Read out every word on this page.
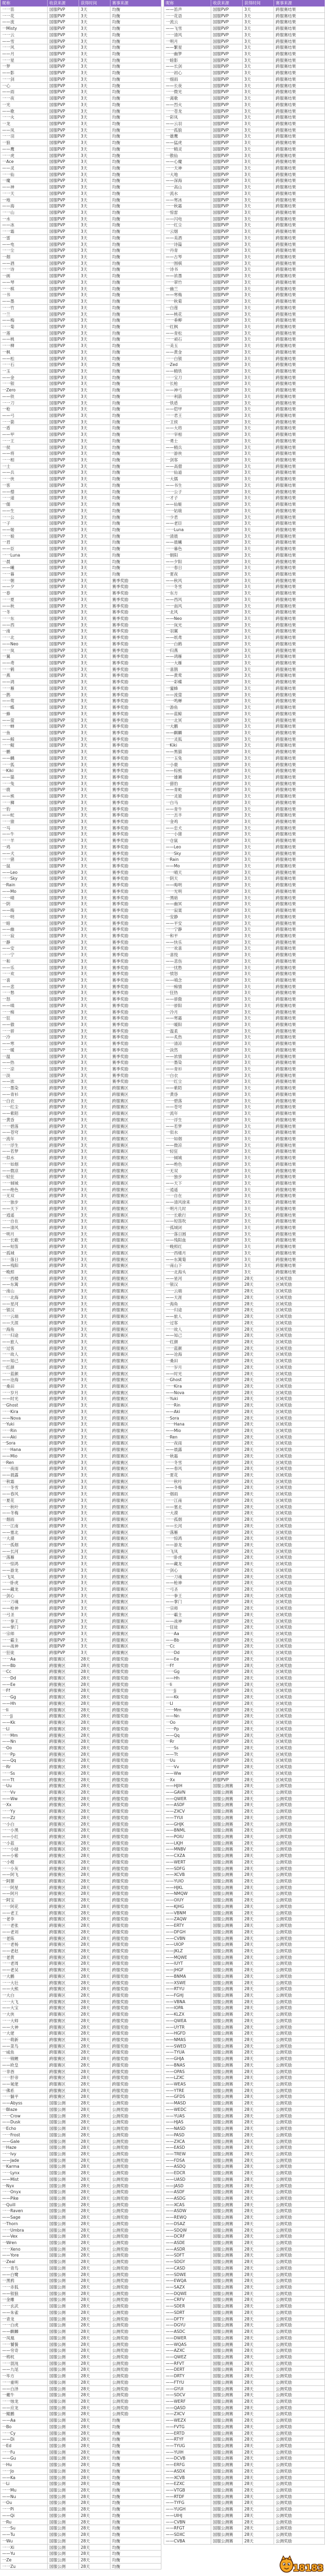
昵称	收获来源	获得时间	赛事来源
一一笛	国服PVP	3天	均衡
一一花	国服PVP	3天	均衡
——流	国服PVP	3天	均衡
一Misty	国服PVP	3天	均衡
一一云	国服PVP	3天	均衡
——雪	国服PVP	3天	均衡
一一风	国服PVP	3天	均衡
——月	国服PVP	3天	均衡
一一星	国服PVP	3天	均衡
一梦	国服PVP	3天	均衡
——影	国服PVP	3天	均衡
一一剑	国服PVP	3天	均衡
一心	国服PVP	3天	均衡
——雨	国服PVP	3天	均衡
一一夜	国服PVP	3天	均衡
一光	国服PVP	3天	均衡
——歌	国服PVP	3天	均衡
一一火	国服PVP	3天	均衡
一龙	国服PVP	3天	均衡
——凤	国服PVP	3天	均衡
一一羽	国服PVP	3天	均衡
一狼	国服PVP	3天	均衡
——鹰	国服PVP	3天	均衡
一一虎	国服PVP	3天	均衡
一Ace	国服PVP	3天	均衡
——灵	国服PVP	3天	均衡
一一仙	国服PVP	3天	均衡
一魔	国服PVP	3天	均衡
——神	国服PVP	3天	均衡
一一天	国服PVP	3天	均衡
一地	国服PVP	3天	均衡
——海	国服PVP	3天	均衡
一一山	国服PVP	3天	均衡
一水	国服PVP	3天	均衡
——冰	国服PVP	3天	均衡
一一霜	国服PVP	3天	均衡
一雷	国服PVP	3天	均衡
——电	国服PVP	3天	均衡
一一尘	国服PVP	3天	均衡
一烟	国服PVP	3天	均衡
——酒	国服PVP	3天	均衡
一一诗	国服PVP	3天	均衡
一画	国服PVP	3天	均衡
——琴	国服PVP	3天	均衡
一一棋	国服PVP	3天	均衡
一书	国服PVP	3天	均衡
——墨	国服PVP	3天	均衡
一一竹	国服PVP	3天	均衡
一兰	国服PVP	3天	均衡
——梅	国服PVP	3天	均衡
一一菊	国服PVP	3天	均衡
一莲	国服PVP	3天	均衡
——桃	国服PVP	3天	均衡
一一柳	国服PVP	3天	均衡
一枫	国服PVP	3天	均衡
——松	国服PVP	3天	均衡
一一石	国服PVP	3天	均衡
一玉	国服PVP	3天	均衡
——金	国服PVP	3天	均衡
一一银	国服PVP	3天	均衡
一Zero	国服PVP	3天	均衡
——铁	国服PVP	3天	均衡
一一刀	国服PVP	3天	均衡
一枪	国服PVP	3天	均衡
——弓	国服PVP	3天	均衡
一一箭	国服PVP	3天	均衡
一盾	国服PVP	3天	均衡
——甲	国服PVP	3天	均衡
一一王	国服PVP	3天	均衡
一侯	国服PVP	3天	均衡
——将	国服PVP	3天	均衡
一一相	国服PVP	3天	均衡
一士	国服PVP	3天	均衡
——兵	国服PVP	3天	均衡
一一侠	国服PVP	3天	均衡
一客	国服PVP	3天	均衡
——僧	国服PVP	3天	均衡
一一道	国服PVP	3天	均衡
一儒	国服PVP	3天	均衡
——生	国服PVP	3天	均衡
一一公	国服PVP	3天	均衡
一子	国服PVP	3天	均衡
——姬	国服PVP	3天	均衡
一一娘	国服PVP	3天	均衡
一君	国服PVP	3天	均衡
——臣	国服PVP	3天	均衡
一一Luna	国服PVP	3天	均衡
一晨	国服PVP	3天	均衡
——曦	国服PVP	3天	均衡
一一暮	国服PVP	3天	均衡
一一朝	国服PVP	3天	赛季奖励
——夕	国服PVP	3天	赛季奖励
一春	国服PVP	3天	赛季奖励
一一夏	国服PVP	3天	赛季奖励
——秋	国服PVP	3天	赛季奖励
一冬	国服PVP	3天	赛季奖励
一一东	国服PVP	3天	赛季奖励
——西	国服PVP	3天	赛季奖励
一南	国服PVP	3天	赛季奖励
一一北	国服PVP	3天	赛季奖励
——Neo	国服PVP	3天	赛季奖励
一一岚	国服PVP	3天	赛季奖励
一翼	国服PVP	3天	赛季奖励
——鸢	国服PVP	3天	赛季奖励
一一鹤	国服PVP	3天	赛季奖励
一燕	国服PVP	3天	赛季奖励
——鸿	国服PVP	3天	赛季奖励
一一雁	国服PVP	3天	赛季奖励
一鹊	国服PVP	3天	赛季奖励
——莺	国服PVP	3天	赛季奖励
一一蝶	国服PVP	3天	赛季奖励
一蜂	国服PVP	3天	赛季奖励
——萤	国服PVP	3天	赛季奖励
一一蝉	国服PVP	3天	赛季奖励
一鱼	国服PVP	3天	赛季奖励
——鲸	国服PVP	3天	赛季奖励
一一鲲	国服PVP	3天	赛季奖励
一鹏	国服PVP	3天	赛季奖励
——麟	国服PVP	3天	赛季奖励
一一狐	国服PVP	3天	赛季奖励
一Kiki	国服PVP	3天	赛季奖励
——猫	国服PVP	3天	赛季奖励
一一兔	国服PVP	3天	赛季奖励
一鹿	国服PVP	3天	赛季奖励
——熊	国服PVP	3天	赛季奖励
一一狮	国服PVP	3天	赛季奖励
一豹	国服PVP	3天	赛季奖励
——蛇	国服PVP	3天	赛季奖励
一一猿	国服PVP	3天	赛季奖励
一马	国服PVP	3天	赛季奖励
——牛	国服PVP	3天	赛季奖励
一一羊	国服PVP	3天	赛季奖励
一鸡	国服PVP	3天	赛季奖励
——犬	国服PVP	3天	赛季奖励
一一猪	国服PVP	3天	赛季奖励
一鼠	国服PVP	3天	赛季奖励
——Leo	国服PVP	3天	赛季奖励
一一Sky	国服PVP	3天	赛季奖励
一Rain	国服PVP	3天	赛季奖励
——Mo	国服PVP	3天	赛季奖励
一一晴	国服PVP	3天	赛季奖励
一阴	国服PVP	3天	赛季奖励
——晦	国服PVP	3天	赛季奖励
一一明	国服PVP	3天	赛季奖励
一暗	国服PVP	3天	赛季奖励
——幽	国服PVP	3天	赛季奖励
一一寂	国服PVP	3天	赛季奖励
一静	国服PVP	3天	赛季奖励
——安	国服PVP	3天	赛季奖励
一一宁	国服PVP	3天	赛季奖励
一和	国服PVP	3天	赛季奖励
——乐	国服PVP	3天	赛季奖励
一一欢	国服PVP	3天	赛季奖励
一喜	国服PVP	3天	赛季奖励
——悲	国服PVP	3天	赛季奖励
一一愁	国服PVP	3天	赛季奖励
一怒	国服PVP	3天	赛季奖励
——嗔	国服PVP	3天	赛季奖励
一一痴	国服PVP	3天	赛季奖励
一狂	国服PVP	3天	赛季奖励
——傲	国服PVP	3天	赛季奖励
一一骄	国服PVP	3天	赛季奖励
一冷	国服PVP	3天	赛季奖励
——寒	国服PVP	3天	赛季奖励
一一暖	国服PVP	3天	赛季奖励
一温	国服PVP	3天	赛季奖励
——热	国服PVP	3天	赛季奖励
一一凉	国服PVP	3天	赛季奖励
一淡	国服PVP	3天	赛季奖励
——浓	国服PVP	3天	赛季奖励
一一墨染	跨服PVP	3天	跨服赛区
——青衫	跨服PVP	3天	跨服赛区
一白衣	跨服PVP	3天	跨服赛区
一一红尘	跨服PVP	3天	跨服赛区
——紫陌	跨服PVP	3天	跨服赛区
一黄昏	跨服PVP	3天	跨服赛区
一一碧落	跨服PVP	3天	跨服赛区
——苍穹	跨服PVP	3天	跨服赛区
一流年	跨服PVP	3天	跨服赛区
一一浮生	跨服PVP	3天	跨服赛区
——若梦	跨服PVP	3天	跨服赛区
一似水	跨服PVP	3天	跨服赛区
一一如烟	跨服PVP	3天	跨服赛区
——微凉	跨服PVP	3天	跨服赛区
一轻狂	跨服PVP	3天	跨服赛区
一一倾城	跨服PVP	3天	跨服赛区
——绝色	跨服PVP	3天	跨服赛区
一无双	跨服PVP	3天	跨服赛区
一一独步	跨服PVP	3天	跨服赛区
——天下	跨服PVP	3天	跨服赛区
一逍遥	跨服PVP	3天	跨服赛区
一一自在	跨服PVP	3天	跨服赛区
——清风	跨服PVP	3天	跨服赛区
一明月	跨服PVP	3天	跨服赛区
一一长歌	跨服PVP	3天	跨服赛区
——短笛	跨服PVP	3天	跨服赛区
一孤城	跨服PVP	3天	跨服赛区
一一落日	跨服PVP	3天	跨服赛区
——残阳	跨服PVP	3天	跨服赛区
一晚照	跨服PVP	3天	跨服赛区
一一西楼	跨服PVP	3天	跨服赛区
——东篱	跨服PVP	3天	跨服赛区
一南山	跨服PVP	3天	跨服赛区
一一北海	跨服PVP	3天	跨服赛区
——星河	跨服PVP	3天	跨服赛区
一银汉	跨服PVP	3天	跨服赛区
一一云端	跨服PVP	3天	跨服赛区
——天涯	跨服PVP	3天	跨服赛区
一海角	跨服PVP	3天	跨服赛区
一一归途	跨服PVP	3天	跨服赛区
——旅人	跨服PVP	3天	跨服赛区
一过客	跨服PVP	3天	跨服赛区
一一故人	跨服PVP	3天	跨服赛区
——知己	跨服PVP	3天	跨服赛区
一红颜	跨服PVP	3天	跨服赛区
一一蓝颜	跨服PVP	3天	跨服赛区
——沧海	跨服PVP	3天	跨服赛区
一桑田	跨服PVP	3天	跨服赛区
一一岁月	跨服PVP	3天	跨服赛区
——时光	跨服PVP	3天	跨服赛区
一Ghost	跨服PVP	3天	跨服赛区
一一Kira	跨服PVP	3天	跨服赛区
——Nova	跨服PVP	3天	跨服赛区
一Yuki	跨服PVP	3天	跨服赛区
一一Rin	跨服PVP	3天	跨服赛区
——Aki	跨服PVP	3天	跨服赛区
一Sora	跨服PVP	3天	跨服赛区
一一Hana	跨服PVP	3天	跨服赛区
——Mio	跨服PVP	3天	跨服赛区
一Ren	跨服PVP	3天	跨服赛区
一一夜雨	跨服PVP	3天	跨服赛区
——晨露	跨服PVP	3天	跨服赛区
一秋霜	跨服PVP	3天	跨服赛区
一一冬雪	跨服PVP	3天	跨服赛区
——春风	跨服PVP	3天	跨服赛区
一夏花	跨服PVP	3天	跨服赛区
一一秋叶	跨服PVP	3天	跨服赛区
——冬梅	跨服PVP	3天	跨服赛区
一烟雨	跨服PVP	3天	跨服赛区
一一江南	跨服PVP	3天	跨服赛区
——塞北	跨服PVP	3天	跨服赛区
一大漠	跨服PVP	3天	跨服赛区
一一孤烟	跨服PVP	3天	跨服赛区
——长河	跨服PVP	3天	跨服赛区
一落雁	跨服PVP	3天	跨服赛区
一一惊鸿	跨服PVP	3天	跨服赛区
——游龙	跨服PVP	3天	跨服赛区
一飞凤	跨服PVP	3天	跨服赛区
一一卧虎	跨服PVP	3天	跨服赛区
——藏龙	跨服PVP	3天	跨服赛区
一剑心	跨服PVP	3天	跨服赛区
一一刀魂	跨服PVP	3天	跨服赛区
——枪神	跨服PVP	3天	跨服赛区
一弓圣	跨服PVP	3天	跨服赛区
一一拳王	跨服PVP	3天	跨服赛区
——掌门	跨服PVP	3天	跨服赛区
一宗师	跨服PVP	3天	跨服赛区
一一霸主	跨服PVP	3天	跨服赛区
——战神	跨服PVP	3天	跨服赛区
一狂徒	跨服PVP	3天	跨服赛区
一一Aa	跨服赛区	28天	跨服奖励
——Bb	跨服赛区	28天	跨服奖励
一Cc	跨服赛区	28天	跨服奖励
一一Dd	跨服赛区	28天	跨服奖励
——Ee	跨服赛区	28天	跨服奖励
一Ff	跨服赛区	28天	跨服奖励
一一Gg	跨服赛区	28天	跨服奖励
——Hh	跨服赛区	28天	跨服奖励
一Ii	跨服赛区	28天	跨服奖励
一一Jj	跨服赛区	28天	跨服奖励
——Kk	跨服赛区	28天	跨服奖励
一Ll	跨服赛区	28天	跨服奖励
一一Mm	跨服赛区	28天	跨服奖励
——Nn	跨服赛区	28天	跨服奖励
一Oo	跨服赛区	28天	跨服奖励
一一Pp	跨服赛区	28天	跨服奖励
——Qq	跨服赛区	28天	跨服奖励
一Rr	跨服赛区	28天	跨服奖励
一一Ss	跨服赛区	28天	跨服奖励
——Tt	跨服赛区	28天	跨服奖励
一Uu	跨服赛区	28天	跨服奖励
一一Vv	跨服赛区	28天	跨服奖励
——Ww	跨服赛区	28天	跨服奖励
一Xx	跨服赛区	28天	跨服奖励
一一Yy	跨服赛区	28天	跨服奖励
——Zz	跨服赛区	28天	跨服奖励
一小白	跨服赛区	28天	跨服奖励
一一小黑	跨服赛区	28天	跨服奖励
——小红	跨服赛区	28天	跨服奖励
一小蓝	跨服赛区	28天	跨服奖励
一一小绿	跨服赛区	28天	跨服奖励
——小紫	跨服赛区	28天	跨服奖励
一小橙	跨服赛区	28天	跨服奖励
一一小灰	跨服赛区	28天	跨服奖励
——阿飞	跨服赛区	28天	跨服奖励
一阿狸	跨服赛区	28天	跨服奖励
一一阿星	跨服赛区	28天	跨服奖励
——阿月	跨服赛区	28天	跨服奖励
一阿宝	跨服赛区	28天	跨服奖励
一一阿花	跨服赛区	28天	跨服奖励
——老王	跨服赛区	28天	跨服奖励
一老李	跨服赛区	28天	跨服奖励
一一老张	跨服赛区	28天	跨服奖励
——老刘	跨服赛区	28天	跨服奖励
一老陈	跨服赛区	28天	跨服奖励
一一老杨	跨服赛区	28天	跨服奖励
——老赵	跨服赛区	28天	跨服奖励
一老黄	跨服赛区	28天	跨服奖励
一一老周	跨服赛区	28天	跨服奖励
——老吴	跨服赛区	28天	跨服奖励
一大鹏	跨服赛区	28天	跨服奖励
一一大壮	跨服赛区	28天	跨服奖励
——大熊	跨服赛区	28天	跨服奖励
一大白	跨服赛区	28天	跨服奖励
一一大飞	跨服赛区	28天	跨服奖励
——大宝	跨服赛区	28天	跨服奖励
一大侠	跨服赛区	28天	跨服奖励
一一大师	跨服赛区	28天	跨服奖励
——大神	跨服赛区	28天	跨服奖励
一大佬	跨服赛区	28天	跨服奖励
一一萌新	跨服赛区	28天	跨服奖励
——菜鸟	跨服赛区	28天	跨服奖励
一咸鱼	跨服赛区	28天	跨服奖励
一一锦鲤	跨服赛区	28天	跨服奖励
——欧皇	跨服赛区	28天	跨服奖励
一非酋	跨服赛区	28天	跨服奖励
一一肝帝	跨服赛区	28天	跨服奖励
——氪佬	跨服赛区	28天	跨服奖励
一佛系	跨服赛区	28天	跨服奖励
一一躺平	跨服赛区	28天	跨服奖励
——Abyss	国服公测	28天	公测奖励
一Blaze	国服公测	28天	公测奖励
一一Crow	国服公测	28天	公测奖励
——Dusk	国服公测	28天	公测奖励
一Echo	国服公测	28天	公测奖励
一一Frost	国服公测	28天	公测奖励
——Gale	国服公测	28天	公测奖励
一Haze	国服公测	28天	公测奖励
一一Ivy	国服公测	28天	公测奖励
——Jade	国服公测	28天	公测奖励
一Karma	国服公测	28天	公测奖励
一一Lynx	国服公测	28天	公测奖励
——Mist	国服公测	28天	公测奖励
一Nyx	国服公测	28天	公测奖励
一一Onyx	国服公测	28天	公测奖励
——Pike	国服公测	28天	公测奖励
一Quill	国服公测	28天	公测奖励
一一Raven	国服公测	28天	公测奖励
——Sage	国服公测	28天	公测奖励
一Thorn	国服公测	28天	公测奖励
一一Umbra	国服公测	28天	公测奖励
——Vex	国服公测	28天	公测奖励
一Wren	国服公测	28天	公测奖励
一一Xeno	国服公测	28天	公测奖励
——Yore	国服公测	28天	公测奖励
一Zeal	国服公测	28天	公测奖励
一一青鸟	国服公测	28天	公测奖励
——白鹭	国服公测	28天	公测奖励
一黑鸦	国服公测	28天	公测奖励
一一赤狐	国服公测	28天	公测奖励
——银狼	国服公测	28天	公测奖励
一金雕	国服公测	28天	公测奖励
一一玄武	国服公测	28天	公测奖励
——朱雀	国服公测	28天	公测奖励
一青龙	国服公测	28天	公测奖励
一一白虎	国服公测	28天	公测奖励
——麒麟	国服公测	28天	公测奖励
一凤凰	国服公测	28天	公测奖励
一一饕餮	国服公测	28天	公测奖励
——穷奇	国服公测	28天	公测奖励
一梼杌	国服公测	28天	公测奖励
一一混沌	国服公测	28天	公测奖励
——九尾	国服公测	28天	公测奖励
一毕方	国服公测	28天	公测奖励
一一重明	国服公测	28天	公测奖励
——白泽	国服公测	28天	公测奖励
一夔牛	国服公测	28天	公测奖励
一一烛龙	国服公测	28天	公测奖励
——应龙	国服公测	28天	公测奖励
一鲲鹏	国服公测	28天	公测奖励
——Aa	国服公测	28天	均衡
一Bo	国服公测	28天	均衡
一一Cy	国服公测	28天	均衡
——Di	国服公测	28天	均衡
一Ed	国服公测	28天	均衡
一一Fu	国服公测	28天	均衡
——Gu	国服公测	28天	均衡
一Hu	国服公测	28天	均衡
一一Jo	国服公测	28天	均衡
——Ka	国服公测	28天	均衡
一Li	国服公测	28天	均衡
一一Mu	国服公测	28天	均衡
——Nu	国服公测	28天	均衡
一Ou	国服公测	28天	均衡
一一Pi	国服公测	28天	均衡
——Qi	国服公测	28天	均衡
一Ru	国服公测	28天	均衡
一一Su	国服公测	28天	均衡
——Tu	国服公测	28天	均衡
一Wu	国服公测	28天	均衡
一一Xi	国服公测	28天	均衡
——Yu	国服公测	28天	均衡
一Ze	国服公测	28天	均衡
一一Zu	国服公测	28天	均衡
昵称	收获来源	获得时间	赛事来源
——笛声	国服PVP	3天	跨服赛结果
一一花语	国服PVP	3天	跨服赛结果
一流云	国服PVP	3天	跨服赛结果
——飞雪	国服PVP	3天	跨服赛结果
一一清风	国服PVP	3天	跨服赛结果
一明月	国服PVP	3天	跨服赛结果
——繁星	国服PVP	3天	跨服赛结果
一一幽梦	国服PVP	3天	跨服赛结果
一暗影	国服PVP	3天	跨服赛结果
——长剑	国服PVP	3天	跨服赛结果
一一初心	国服PVP	3天	跨服赛结果
一细雨	国服PVP	3天	跨服赛结果
——长夜	国服PVP	3天	跨服赛结果
一一微光	国服PVP	3天	跨服赛结果
一离歌	国服PVP	3天	跨服赛结果
——烈火	国服PVP	3天	跨服赛结果
一一苍龙	国服PVP	3天	跨服赛结果
一彩凤	国服PVP	3天	跨服赛结果
——云羽	国服PVP	3天	跨服赛结果
一一孤狼	国服PVP	3天	跨服赛结果
一雄鹰	国服PVP	3天	跨服赛结果
——猛虎	国服PVP	3天	跨服赛结果
一一精灵	国服PVP	3天	跨服赛结果
一散仙	国服PVP	3天	跨服赛结果
——心魔	国服PVP	3天	跨服赛结果
一一天神	国服PVP	3天	跨服赛结果
一大地	国服PVP	3天	跨服赛结果
——深海	国服PVP	3天	跨服赛结果
一一高山	国服PVP	3天	跨服赛结果
一流水	国服PVP	3天	跨服赛结果
——寒冰	国服PVP	3天	跨服赛结果
一一秋霜	国服PVP	3天	跨服赛结果
一惊雷	国服PVP	3天	跨服赛结果
——闪电	国服PVP	3天	跨服赛结果
一一红尘	国服PVP	3天	跨服赛结果
一云烟	国服PVP	3天	跨服赛结果
——美酒	国服PVP	3天	跨服赛结果
一一诗篇	国服PVP	3天	跨服赛结果
一丹青	国服PVP	3天	跨服赛结果
——古琴	国服PVP	3天	跨服赛结果
一一围棋	国服PVP	3天	跨服赛结果
一诗书	国服PVP	3天	跨服赛结果
——浓墨	国服PVP	3天	跨服赛结果
一一翠竹	国服PVP	3天	跨服赛结果
一幽兰	国服PVP	3天	跨服赛结果
——寒梅	国服PVP	3天	跨服赛结果
一一秋菊	国服PVP	3天	跨服赛结果
一白莲	国服PVP	3天	跨服赛结果
——桃花	国服PVP	3天	跨服赛结果
一一垂柳	国服PVP	3天	跨服赛结果
一红枫	国服PVP	3天	跨服赛结果
——青松	国服PVP	3天	跨服赛结果
一一顽石	国服PVP	3天	跨服赛结果
一美玉	国服PVP	3天	跨服赛结果
——黄金	国服PVP	3天	跨服赛结果
一一白银	国服PVP	3天	跨服赛结果
一Zed	国服PVP	3天	跨服赛结果
——精铁	国服PVP	3天	跨服赛结果
一一宝刀	国服PVP	3天	跨服赛结果
一长枪	国服PVP	3天	跨服赛结果
——神弓	国服PVP	3天	跨服赛结果
一一利箭	国服PVP	3天	跨服赛结果
一铁盾	国服PVP	3天	跨服赛结果
——铠甲	国服PVP	3天	跨服赛结果
一一君王	国服PVP	3天	跨服赛结果
一王侯	国服PVP	3天	跨服赛结果
——大将	国服PVP	3天	跨服赛结果
一一宰相	国服PVP	3天	跨服赛结果
一勇士	国服PVP	3天	跨服赛结果
——精兵	国服PVP	3天	跨服赛结果
一一游侠	国服PVP	3天	跨服赛结果
一剑客	国服PVP	3天	跨服赛结果
——高僧	国服PVP	3天	跨服赛结果
一一仙道	国服PVP	3天	跨服赛结果
一大儒	国服PVP	3天	跨服赛结果
——书生	国服PVP	3天	跨服赛结果
一一公子	国服PVP	3天	跨服赛结果
一才子	国服PVP	3天	跨服赛结果
——仙姬	国服PVP	3天	跨服赛结果
一一姑娘	国服PVP	3天	跨服赛结果
一少君	国服PVP	3天	跨服赛结果
——老臣	国服PVP	3天	跨服赛结果
一一Luna	国服PVP	3天	跨服赛结果
一清晨	国服PVP	3天	跨服赛结果
——晨曦	国服PVP	3天	跨服赛结果
一一暮色	国服PVP	3天	跨服赛结果
一朝阳	国服PVP	3天	跨服赛结果
——夕阳	国服PVP	3天	跨服赛结果
一一春日	国服PVP	3天	跨服赛结果
一夏夜	国服PVP	3天	跨服赛结果
——秋风	国服PVP	3天	跨服赛结果
一一冬雪	国服PVP	3天	跨服赛结果
一东方	国服PVP	3天	跨服赛结果
——西风	国服PVP	3天	跨服赛结果
一一南风	国服PVP	3天	跨服赛结果
一北风	国服PVP	3天	跨服赛结果
——Neo	国服PVP	3天	跨服赛结果
一一岚光	国服PVP	3天	跨服赛结果
一羽翼	国服PVP	3天	跨服赛结果
——纸鸢	国服PVP	3天	跨服赛结果
一一白鹤	国服PVP	3天	跨服赛结果
一归燕	国服PVP	3天	跨服赛结果
——鸿雁	国服PVP	3天	跨服赛结果
一一大雁	国服PVP	3天	跨服赛结果
一喜鹊	国服PVP	3天	跨服赛结果
——黄莺	国服PVP	3天	跨服赛结果
一一彩蝶	国服PVP	3天	跨服赛结果
一蜜蜂	国服PVP	3天	跨服赛结果
——流萤	国服PVP	3天	跨服赛结果
一一鸣蝉	国服PVP	3天	跨服赛结果
一游鱼	国服PVP	3天	跨服赛结果
——蓝鲸	国服PVP	3天	跨服赛结果
一一北冥	国服PVP	3天	跨服赛结果
一大鹏	国服PVP	3天	跨服赛结果
——麒麟	国服PVP	3天	跨服赛结果
一一灵狐	国服PVP	3天	跨服赛结果
一Kiki	国服PVP	3天	跨服赛结果
——黑猫	国服PVP	3天	跨服赛结果
一一玉兔	国服PVP	3天	跨服赛结果
一小鹿	国服PVP	3天	跨服赛结果
——棕熊	跨服PVP	3天	跨服赛结果
一一雄狮	跨服PVP	3天	跨服赛结果
一猎豹	跨服PVP	3天	跨服赛结果
——青蛇	跨服PVP	3天	跨服赛结果
一一灵猿	跨服PVP	3天	跨服赛结果
一白马	跨服PVP	3天	跨服赛结果
——青牛	跨服PVP	3天	跨服赛结果
一一羔羊	跨服PVP	3天	跨服赛结果
一金鸡	跨服PVP	3天	跨服赛结果
——忠犬	跨服PVP	3天	跨服赛结果
一一小猪	跨服PVP	3天	跨服赛结果
一仓鼠	跨服PVP	3天	跨服赛结果
——Leo	跨服PVP	3天	跨服赛结果
一一Sky	跨服PVP	3天	跨服赛结果
一Rain	跨服PVP	3天	跨服赛结果
——Mo	跨服PVP	3天	跨服赛结果
一一晴天	跨服PVP	3天	跨服赛结果
一阴天	跨服PVP	3天	跨服赛结果
——晦明	跨服PVP	3天	跨服赛结果
一一光明	跨服PVP	3天	跨服赛结果
一黑暗	跨服PVP	3天	跨服赛结果
——幽冥	跨服PVP	3天	跨服赛结果
一一寂寞	跨服PVP	3天	跨服赛结果
一安静	跨服PVP	3天	跨服赛结果
——平安	跨服PVP	3天	跨服赛结果
一一宁静	跨服PVP	3天	跨服赛结果
一和平	跨服PVP	3天	跨服赛结果
——快乐	跨服PVP	3天	跨服赛结果
一一欢喜	跨服PVP	3天	跨服赛结果
一喜悦	跨服PVP	3天	跨服赛结果
——悲伤	跨服PVP	3天	跨服赛结果
一一忧愁	跨服PVP	3天	跨服赛结果
一愤怒	跨服PVP	3天	跨服赛结果
——嗔念	跨服PVP	3天	跨服赛结果
一一痴情	跨服PVP	3天	跨服赛结果
一狂热	跨服PVP	3天	跨服赛结果
——骄傲	跨服PVP	3天	跨服赛结果
一一骄阳	跨服PVP	3天	跨服赛结果
一冷月	跨服PVP	3天	跨服赛结果
——寒霜	跨服PVP	3天	跨服赛结果
一一暖阳	跨服PVP	3天	跨服赛结果
一温柔	跨服PVP	3天	跨服赛结果
——炙热	跨服PVP	3天	跨服赛结果
一一清凉	跨服PVP	3天	跨服赛结果
一淡然	跨服PVP	3天	跨服赛结果
——浓情	跨服PVP	3天	跨服赛结果
一一墨染	跨服PVP	3天	跨服赛结果
——青衫	跨服PVP	3天	跨服赛结果
一白衣	跨服PVP	3天	跨服赛结果
一一红尘	跨服PVP	3天	跨服赛结果
——紫陌	跨服PVP	3天	跨服赛结果
一黄昏	跨服PVP	3天	跨服赛结果
一一碧落	跨服PVP	3天	跨服赛结果
——苍穹	跨服PVP	3天	跨服赛结果
一流年	跨服PVP	3天	跨服赛结果
一一浮生	跨服PVP	3天	跨服赛结果
——若梦	跨服PVP	3天	跨服赛结果
一似水	跨服PVP	3天	跨服赛结果
一一如烟	跨服PVP	3天	跨服赛结果
——微凉	跨服PVP	3天	跨服赛结果
一轻狂	跨服PVP	3天	跨服赛结果
一一倾城	跨服PVP	3天	跨服赛结果
——绝色	跨服PVP	3天	跨服赛结果
一无双	跨服PVP	3天	跨服赛结果
一一独步	跨服PVP	3天	跨服赛结果
——天下	跨服PVP	3天	跨服赛结果
一逍遥	跨服PVP	3天	跨服赛结果
一一自在	跨服PVP	3天	跨服赛结果
——清风徐来	跨服PVP	3天	跨服赛结果
一明月几时	跨服PVP	3天	跨服赛结果
一一长歌行	跨服PVP	3天	跨服赛结果
——短笛吹	跨服PVP	3天	跨服赛结果
一孤城闭	跨服PVP	3天	跨服赛结果
一一落日圆	跨服PVP	3天	跨服赛结果
——残阳血	跨服PVP	3天	跨服赛结果
一晚照红	跨服PVP	3天	跨服赛结果
一一西楼月	跨服PVP	3天	跨服赛结果
——东篱菊	跨服PVP	3天	跨服赛结果
一南山下	跨服PVP	3天	跨服赛结果
一一北海头	跨服PVP	3天	跨服赛结果
——星河	跨服PVP	28天	区域奖励
一银汉	跨服PVP	28天	区域奖励
一一云端	跨服PVP	28天	区域奖励
——天涯	跨服PVP	28天	区域奖励
一海角	跨服PVP	28天	区域奖励
一一归途	跨服PVP	28天	区域奖励
——旅人	跨服PVP	28天	区域奖励
一过客	跨服PVP	28天	区域奖励
一一故人	跨服PVP	28天	区域奖励
——知己	跨服PVP	28天	区域奖励
一红颜	跨服PVP	28天	区域奖励
一一蓝颜	跨服PVP	28天	区域奖励
——沧海	跨服PVP	28天	区域奖励
一桑田	跨服PVP	28天	区域奖励
一一岁月	跨服PVP	28天	区域奖励
——时光	跨服PVP	28天	区域奖励
一Ghost	跨服PVP	28天	区域奖励
一一Kira	跨服PVP	28天	区域奖励
——Nova	跨服PVP	28天	区域奖励
一Yuki	跨服PVP	28天	区域奖励
一一Rin	跨服PVP	28天	区域奖励
——Aki	跨服PVP	28天	区域奖励
一Sora	跨服PVP	28天	区域奖励
一一Hana	跨服PVP	28天	区域奖励
——Mio	跨服PVP	28天	区域奖励
一Ren	跨服PVP	28天	区域奖励
一一夜雨	跨服PVP	28天	区域奖励
——晨露	跨服PVP	28天	区域奖励
一秋霜	跨服PVP	28天	区域奖励
一一冬雪	跨服PVP	28天	区域奖励
——春风	跨服PVP	28天	区域奖励
一夏花	跨服PVP	28天	区域奖励
一一秋叶	跨服PVP	28天	区域奖励
——冬梅	跨服PVP	28天	区域奖励
一烟雨	跨服PVP	28天	区域奖励
一一江南	跨服PVP	28天	区域奖励
——塞北	跨服PVP	28天	区域奖励
一大漠	跨服PVP	28天	区域奖励
一一孤烟	跨服PVP	28天	区域奖励
——长河	跨服PVP	28天	区域奖励
一落雁	跨服PVP	28天	区域奖励
一一惊鸿	跨服PVP	28天	区域奖励
——游龙	跨服PVP	28天	区域奖励
一飞凤	跨服PVP	28天	区域奖励
一一卧虎	跨服PVP	28天	区域奖励
——藏龙	跨服PVP	28天	区域奖励
一剑心	跨服PVP	28天	区域奖励
一一刀魂	跨服PVP	28天	区域奖励
——枪神	跨服PVP	28天	区域奖励
一弓圣	跨服PVP	28天	区域奖励
一一拳王	跨服PVP	28天	区域奖励
——掌门	跨服PVP	28天	区域奖励
一宗师	跨服PVP	28天	区域奖励
一一霸主	跨服PVP	28天	区域奖励
——战神	跨服PVP	28天	区域奖励
一狂徒	跨服PVP	28天	区域奖励
一一Aa	跨服PVP	28天	区域奖励
——Bb	跨服PVP	28天	区域奖励
一Cc	跨服PVP	28天	区域奖励
一一Dd	跨服PVP	28天	区域奖励
——Ee	跨服PVP	28天	区域奖励
一Ff	跨服PVP	28天	区域奖励
一一Gg	跨服PVP	28天	区域奖励
——Hh	跨服PVP	28天	区域奖励
一Ii	跨服PVP	28天	区域奖励
一一Jj	跨服PVP	28天	区域奖励
——Kk	跨服PVP	28天	区域奖励
一Ll	跨服PVP	28天	区域奖励
一一Mm	跨服PVP	28天	区域奖励
——Nn	跨服PVP	28天	区域奖励
一Oo	跨服PVP	28天	区域奖励
一一Pp	跨服PVP	28天	区域奖励
——Qq	跨服PVP	28天	区域奖励
一Rr	跨服PVP	28天	区域奖励
一一Ss	跨服PVP	28天	区域奖励
——Tt	跨服PVP	28天	区域奖励
一Uu	跨服PVP	28天	区域奖励
一一Vv	跨服PVP	28天	区域奖励
——Ww	跨服PVP	28天	区域奖励
一Xx	跨服PVP	28天	区域奖励
——HJIH	国服公测赛	28天	公测奖励
——GAVN	国服公测赛	28天	公测奖励
——QWER	国服公测赛	28天	公测奖励
——ASDF	国服公测赛	28天	公测奖励
——ZXCV	国服公测赛	28天	公测奖励
——TYUI	国服公测赛	28天	公测奖励
——GHJK	国服公测赛	28天	公测奖励
——BNML	国服公测赛	28天	公测奖励
——POIU	国服公测赛	28天	公测奖励
——LKJH	国服公测赛	28天	公测奖励
——MNBV	国服公测赛	28天	公测奖励
——CXZA	国服公测赛	28天	公测奖励
——WERT	国服公测赛	28天	公测奖励
——SDFG	国服公测赛	28天	公测奖励
——XCVB	国服公测赛	28天	公测奖励
——YUIO	国服公测赛	28天	公测奖励
——HJKL	国服公测赛	28天	公测奖励
——NMQW	国服公测赛	28天	公测奖励
——OIUY	国服公测赛	28天	公测奖励
——KJHG	国服公测赛	28天	公测奖励
——VBNM	国服公测赛	28天	公测奖励
——ZAQW	国服公测赛	28天	公测奖励
——ERTY	国服公测赛	28天	公测奖励
——DFGH	国服公测赛	28天	公测奖励
——CVBN	国服公测赛	28天	公测奖励
——UIOP	国服公测赛	28天	公测奖励
——JKLZ	国服公测赛	28天	公测奖励
——MQWE	国服公测赛	28天	公测奖励
——IUYT	国服公测赛	28天	公测奖励
——JHGF	国服公测赛	28天	公测奖励
——BNMA	国服公测赛	28天	公测奖励
——XSWE	国服公测赛	28天	公测奖励
——RTYU	国服公测赛	28天	公测奖励
——FGHJ	国服公测赛	28天	公测奖励
——VBNA	国服公测赛	28天	公测奖励
——IOPA	国服公测赛	28天	公测奖励
——KLZX	国服公测赛	28天	公测奖励
——QWEA	国服公测赛	28天	公测奖励
——UYTR	国服公测赛	28天	公测奖励
——HGFD	国服公测赛	28天	公测奖励
——NMAS	国服公测赛	28天	公测奖励
——SWED	国服公测赛	28天	公测奖励
——TYUA	国服公测赛	28天	公测奖励
——GHJA	国服公测赛	28天	公测奖励
——BNAS	国服公测赛	28天	公测奖励
——OPAS	国服公测赛	28天	公测奖励
——LZXC	国服公测赛	28天	公测奖励
——WEAS	国服公测赛	28天	公测奖励
——YTRE	国服公测赛	28天	公测奖励
——GFDS	国服公测赛	28天	公测奖励
——MASD	国服公测赛	28天	公测奖励
——WEDC	国服公测赛	28天	公测奖励
——YUAS	国服公测赛	28天	公测奖励
——HJAS	国服公测赛	28天	公测奖励
——NASD	国服公测赛	28天	公测奖励
——PASD	国服公测赛	28天	公测奖励
——ZXCA	国服公测赛	28天	公测奖励
——EASD	国服公测赛	28天	公测奖励
——TREW	国服公测赛	28天	公测奖励
——FDSA	国服公测赛	28天	公测奖励
——ASDQ	国服公测赛	28天	公测奖励
——EDCR	国服公测赛	28天	公测奖励
——UASD	国服公测赛	28天	公测奖励
——JASD	国服公测赛	28天	公测奖励
——ASDF	国服公测赛	28天	公测奖励
——ASDG	国服公测赛	28天	公测奖励
——XCAS	国服公测赛	28天	公测奖励
——ASDW	国服公测赛	28天	公测奖励
——REWQ	国服公测赛	28天	公测奖励
——DSAZ	国服公测赛	28天	公测奖励
——SDQW	国服公测赛	28天	公测奖励
——DCRF	国服公测赛	28天	公测奖励
——ASDE	国服公测赛	28天	公测奖励
——ASDR	国服公测赛	28天	公测奖励
——SDFT	国服公测赛	28天	公测奖励
——SDGY	国服公测赛	28天	公测奖励
——CASD	国服公测赛	28天	公测奖励
——SDWE	国服公测赛	28天	公测奖励
——EWQA	国服公测赛	28天	公测奖励
——SAZX	国服公测赛	28天	公测奖励
——DQWE	国服公测赛	28天	公测奖励
——CRFV	国服公测赛	28天	公测奖励
——SDER	国服公测赛	28天	公测奖励
——SDRT	国服公测赛	28天	公测奖励
——DFTY	国服公测赛	28天	公测奖励
——DGYU	国服公测赛	28天	公测奖励
——ASDC	国服公测赛	28天	公测奖励
——DWER	国服公测赛	28天	公测奖励
——WQAS	国服公测赛	28天	公测奖励
——AZXC	国服公测赛	28天	公测奖励
——QWEZ	国服公测赛	28天	公测奖励
——RFVT	国服公测赛	28天	公测奖励
——DERT	国服公测赛	28天	公测奖励
——DRTY	国服公测赛	28天	公测奖励
——FTYU	国服公测赛	28天	公测奖励
——GYUI	国服公测赛	28天	公测奖励
——SDCV	国服公测赛	28天	公测奖励
——WERF	国服公测赛	28天	公测奖励
——QASD	国服公测赛	28天	公测奖励
——ZXCV	国服公测赛	28天	公测奖励
——WEZX	国服公测赛	28天	公测奖励
——FVTG	国服公测赛	28天	公测奖励
——ERTD	国服公测赛	28天	公测奖励
——RTYF	国服公测赛	28天	公测奖励
——TYUG	国服公测赛	28天	公测奖励
——YUIH	国服公测赛	28天	公测奖励
——DCVB	国服公测赛	28天	公测奖励
——ERFG	国服公测赛	28天	公测奖励
——ASDX	国服公测赛	28天	公测奖励
——XCVB	国服公测赛	28天	公测奖励
——EZXC	国服公测赛	28天	公测奖励
——VTGB	国服公测赛	28天	公测奖励
——RTDF	国服公测赛	28天	公测奖励
——TYFG	国服公测赛	28天	公测奖励
——YUGH	国服公测赛	28天	公测奖励
——UIHJ	国服公测赛	28天	公测奖励
——CVBN	国服公测赛	28天	公测奖励
——RFGT	国服公测赛	28天	公测奖励
——SDXC	国服公测赛	28天	公测奖励
——CVBA	国服公测赛	28天	公测奖励
18183
